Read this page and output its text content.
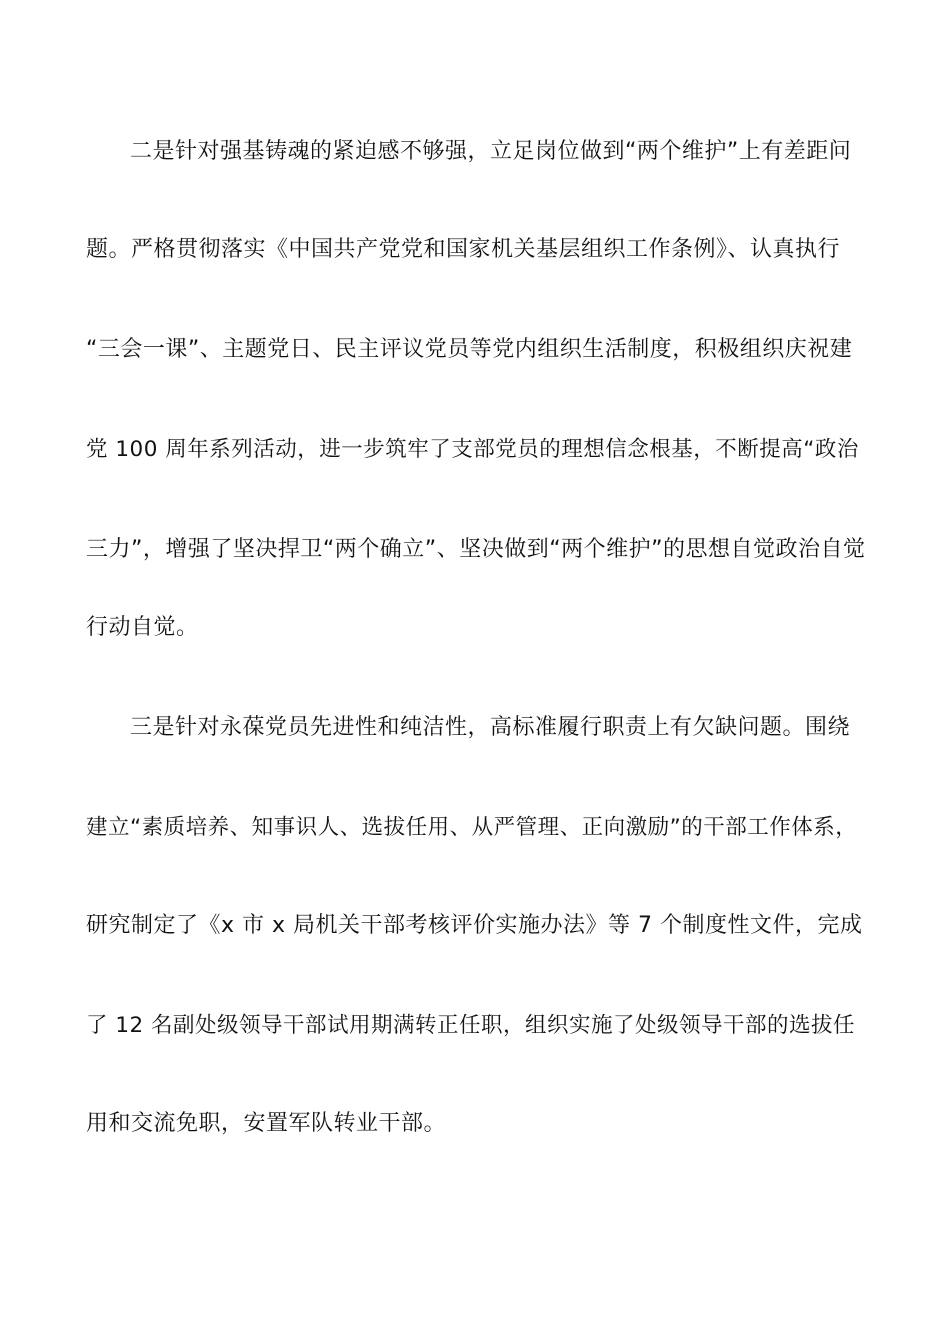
二是针对强基铸魂的紧迫感不够强，立足岗位做到“两个维护”上有差距问
题。严格贯彻落实《中国共产党党和国家机关基层组织工作条例》、认真执行
“三会一课”、主题党日、民主评议党员等党内组织生活制度，积极组织庆祝建
党 100 周年系列活动，进一步筑牢了支部党员的理想信念根基，不断提高“政治
三力”，增强了坚决捍卫“两个确立”、坚决做到“两个维护”的思想自觉政治自觉
行动自觉。
三是针对永葆党员先进性和纯洁性，高标准履行职责上有欠缺问题。围绕
建立“素质培养、知事识人、选拔任用、从严管理、正向激励”的干部工作体系，
研究制定了《x 市 x 局机关干部考核评价实施办法》等 7 个制度性文件，完成
了 12 名副处级领导干部试用期满转正任职，组织实施了处级领导干部的选拔任
用和交流免职，安置军队转业干部。
